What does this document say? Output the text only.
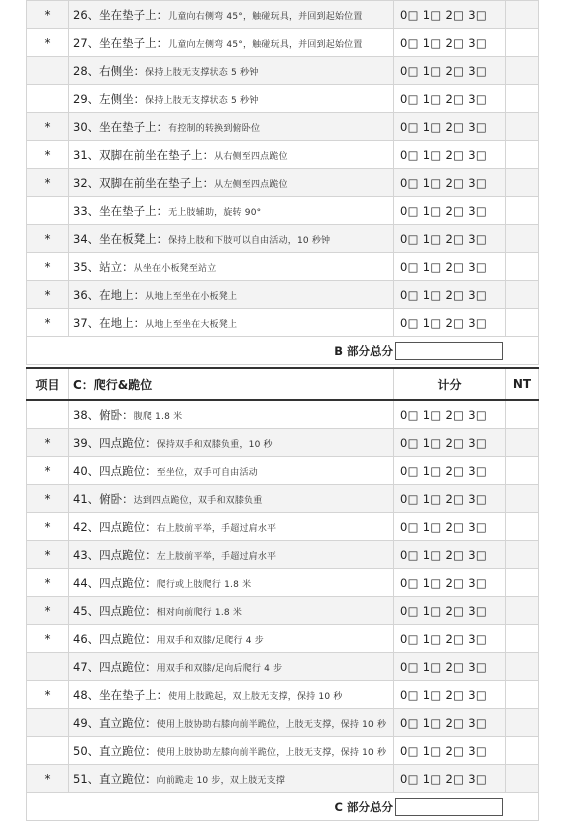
*	26、坐在垫子上：儿童向右侧弯 45°，触碰玩具，并回到起始位置	0□ 1□ 2□ 3□	
*	27、坐在垫子上：儿童向左侧弯 45°，触碰玩具，并回到起始位置	0□ 1□ 2□ 3□	
	28、右侧坐：保持上肢无支撑状态 5 秒钟	0□ 1□ 2□ 3□	
	29、左侧坐：保持上肢无支撑状态 5 秒钟	0□ 1□ 2□ 3□	
*	30、坐在垫子上：有控制的转换到俯卧位	0□ 1□ 2□ 3□	
*	31、双脚在前坐在垫子上：从右侧至四点跪位	0□ 1□ 2□ 3□	
*	32、双脚在前坐在垫子上：从左侧至四点跪位	0□ 1□ 2□ 3□	
	33、坐在垫子上：无上肢辅助，旋转 90°	0□ 1□ 2□ 3□	
*	34、坐在板凳上：保持上肢和下肢可以自由活动，10 秒钟	0□ 1□ 2□ 3□	
*	35、站立：从坐在小板凳至站立	0□ 1□ 2□ 3□	
*	36、在地上：从地上至坐在小板凳上	0□ 1□ 2□ 3□	
*	37、在地上：从地上至坐在大板凳上	0□ 1□ 2□ 3□	

B 部分总分			

项目	C：爬行&跪位	计分	NT
	38、俯卧：腹爬 1.8 米	0□ 1□ 2□ 3□	
*	39、四点跪位：保持双手和双膝负重，10 秒	0□ 1□ 2□ 3□	
*	40、四点跪位：至坐位，双手可自由活动	0□ 1□ 2□ 3□	
*	41、俯卧：达到四点跪位，双手和双膝负重	0□ 1□ 2□ 3□	
*	42、四点跪位：右上肢前平举，手超过肩水平	0□ 1□ 2□ 3□	
*	43、四点跪位：左上肢前平举，手超过肩水平	0□ 1□ 2□ 3□	
*	44、四点跪位：爬行或上肢爬行 1.8 米	0□ 1□ 2□ 3□	
*	45、四点跪位：相对向前爬行 1.8 米	0□ 1□ 2□ 3□	
*	46、四点跪位：用双手和双膝/足爬行 4 步	0□ 1□ 2□ 3□	
	47、四点跪位：用双手和双膝/足向后爬行 4 步	0□ 1□ 2□ 3□	
*	48、坐在垫子上：使用上肢跪起，双上肢无支撑，保持 10 秒	0□ 1□ 2□ 3□	
	49、直立跪位：使用上肢协助右膝向前半跪位，上肢无支撑，保持 10 秒	0□ 1□ 2□ 3□	
	50、直立跪位：使用上肢协助左膝向前半跪位，上肢无支撑，保持 10 秒	0□ 1□ 2□ 3□	
*	51、直立跪位：向前跪走 10 步，双上肢无支撑	0□ 1□ 2□ 3□	

C 部分总分			
